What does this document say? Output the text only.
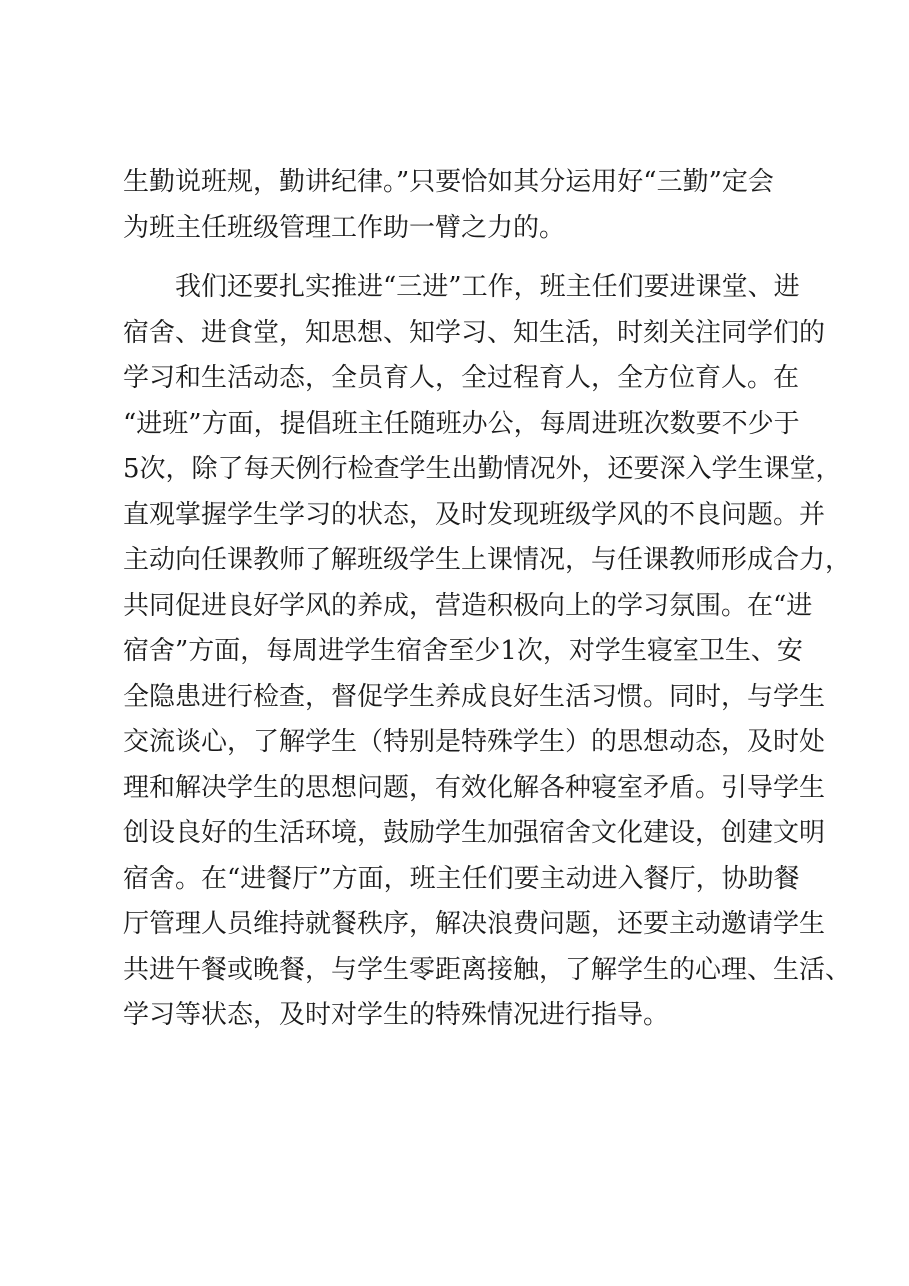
生勤说班规，勤讲纪律。”只要恰如其分运用好“三勤”定会
为班主任班级管理工作助一臂之力的。
　　我们还要扎实推进“三进”工作，班主任们要进课堂、进
宿舍、进食堂，知思想、知学习、知生活，时刻关注同学们的
学习和生活动态，全员育人，全过程育人，全方位育人。在
“进班”方面，提倡班主任随班办公，每周进班次数要不少于
5次，除了每天例行检查学生出勤情况外，还要深入学生课堂，
直观掌握学生学习的状态，及时发现班级学风的不良问题。并
主动向任课教师了解班级学生上课情况，与任课教师形成合力，
共同促进良好学风的养成，营造积极向上的学习氛围。在“进
宿舍”方面，每周进学生宿舍至少1次，对学生寝室卫生、安
全隐患进行检查，督促学生养成良好生活习惯。同时，与学生
交流谈心，了解学生（特别是特殊学生）的思想动态，及时处
理和解决学生的思想问题，有效化解各种寝室矛盾。引导学生
创设良好的生活环境，鼓励学生加强宿舍文化建设，创建文明
宿舍。在“进餐厅”方面，班主任们要主动进入餐厅，协助餐
厅管理人员维持就餐秩序，解决浪费问题，还要主动邀请学生
共进午餐或晚餐，与学生零距离接触，了解学生的心理、生活、
学习等状态，及时对学生的特殊情况进行指导。
